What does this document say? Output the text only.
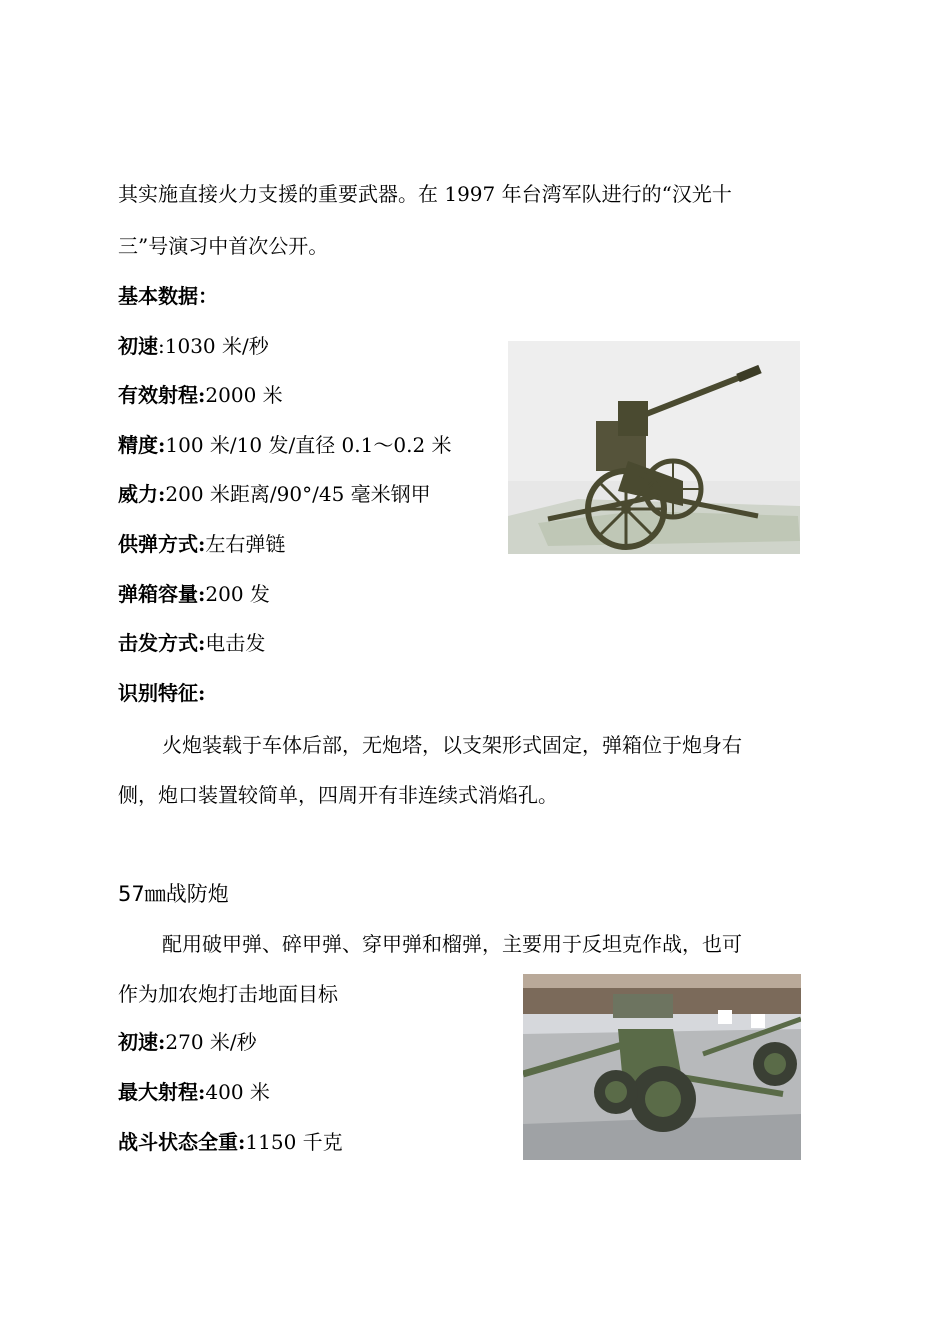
其实施直接火力支援的重要武器。在 1997 年台湾军队进行的“汉光十
三”号演习中首次公开。
基本数据：
初速:1030 米/秒
有效射程:2000 米
精度:100 米/10 发/直径 0.1～0.2 米
威力:200 米距离/90°/45 毫米钢甲
供弹方式:左右弹链
弹箱容量:200 发
击发方式:电击发
识别特征:
火炮装载于车体后部，无炮塔，以支架形式固定，弹箱位于炮身右
侧，炮口装置较简单，四周开有非连续式消焰孔。
57㎜战防炮
配用破甲弹、碎甲弹、穿甲弹和榴弹，主要用于反坦克作战，也可
作为加农炮打击地面目标
初速:270 米/秒
最大射程:400 米
战斗状态全重:1150 千克
